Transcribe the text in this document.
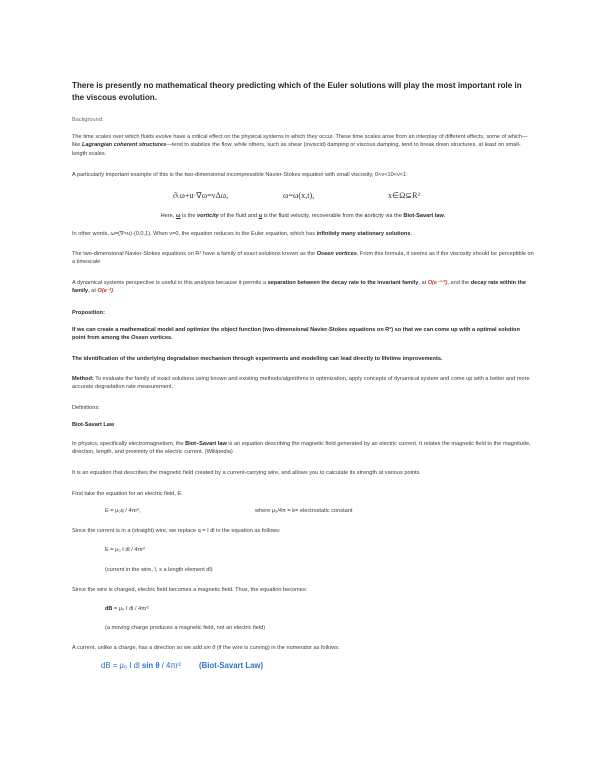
There is presently no mathematical theory predicting which of the Euler solutions will play the most important role in the viscous evolution.
Background:
The time scales over which fluids evolve have a critical effect on the physical systems in which they occur. These time scales arise from an interplay of different effects, some of which—like Lagrangian coherent structures—tend to stabilize the flow, while others, such as shear (inviscid) damping or viscous damping, tend to break down structures, at least on small-length scales.
A particularly important example of this is the two-dimensional incompressible Navier-Stokes equation with small viscosity, 0<ν<10<ν<1:
∂ₜω+u·∇ω=νΔω,	ω=ω(x,t),	x∈Ω⊆R²
Here, ω is the vorticity of the fluid and u is the fluid velocity, recoverable from the sorticity via the Biot-Savart law.
In other words, ω=(∇×u)·(0,0,1). When ν=0, the equation reduces to the Euler equation, which has infinitely many stationary solutions.
The two-dimensional Navier-Stokes equations on R² have a family of exact solutions known as the Oseen vortices. From this formula, it seems as if the viscosity should be perceptible on a timescale
A dynamical systems perspective is useful in this analysis because it permits a separation between the decay rate to the invariant family, at O(e⁻¹ᐟᵗ), and the decay rate within the family, at O(e⁻ᵗ).
Proposition:
If we can create a mathematical model and optimize the object function (two-dimensional Navier-Stokes equations on R²) so that we can come up with a optimal solution point from among the Oseen vortices.
The identification of the underlying degradation mechanism through experiments and modelling can lead directly to lifetime improvements.
Method: To evaluate the family of exact solutions using known and existing methods/algorithms in optimization, apply concepts of dynamical system and come up with a better and more accurate degradation rate measurement.
Definitions:
Biot-Savart Law
In physics, specifically electromagnetism, the Biot–Savart law is an equation describing the magnetic field generated by an electric current. It relates the magnetic field to the magnitude, direction, length, and proximity of the electric current. (Wikipedia)
It is an equation that describes the magnetic field created by a current-carrying wire, and allows you to calculate its strength at various points.
First take the equation for an electric field, E.
E = μ₀q / 4πr²,	where μ₀/4π = k= electrostatic constant
Since the current is in a (straight) wire, we replace q = I dl in the equation as follows:
E = μ₀ I dl / 4πr²
(current in the wire, I, x a length element dl)
Since the wire is charged, electric field becomes a magnetic field. Thus, the equation becomes:
dB = μ₀ I dl / 4πr²
(a moving charge produces a magnetic field, not an electric field)
A current, unlike a charge, has a direction so we add sin θ (if the wire is curving) in the numerator as follows:
dB = μ₀ I dl sin θ / 4πr² (Biot-Savart Law)
